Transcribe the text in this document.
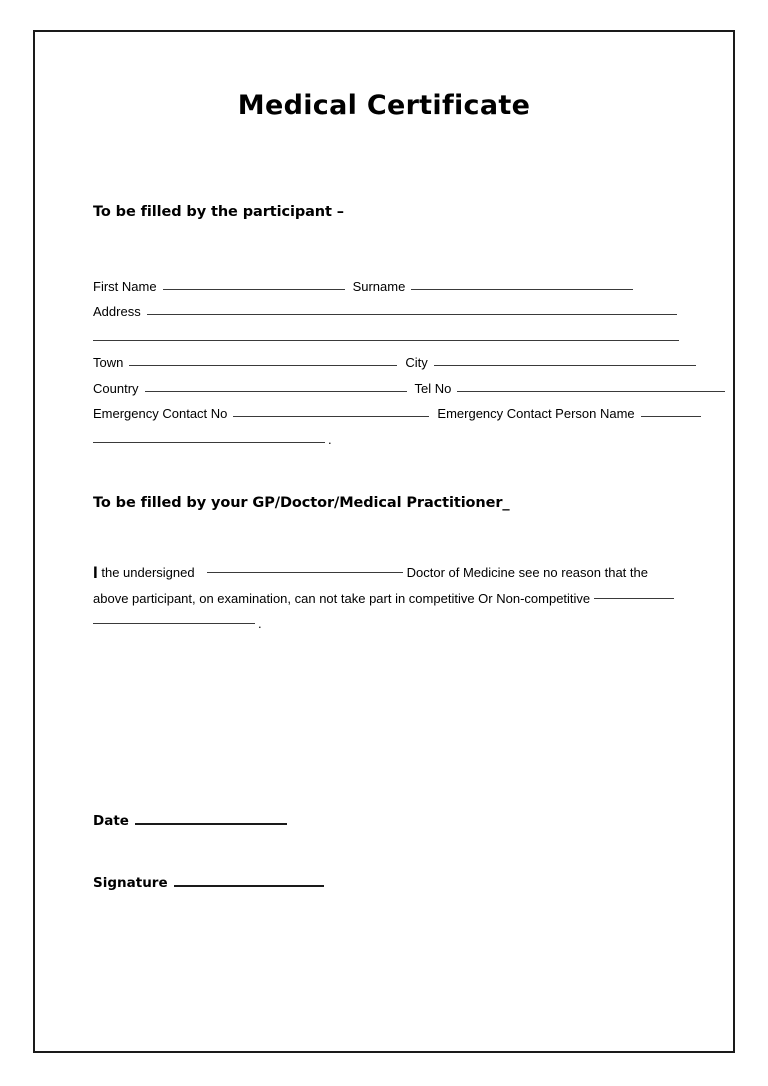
Medical Certificate
To be filled by the participant –
First Name	Surname
Address
Town	City
Country	Tel No
Emergency Contact No	Emergency Contact Person Name
.
To be filled by your GP/Doctor/Medical Practitioner_
I the undersigned	Doctor of Medicine see no reason that the above participant, on examination, can not take part in competitive Or Non-competitive
.
Date
Signature
